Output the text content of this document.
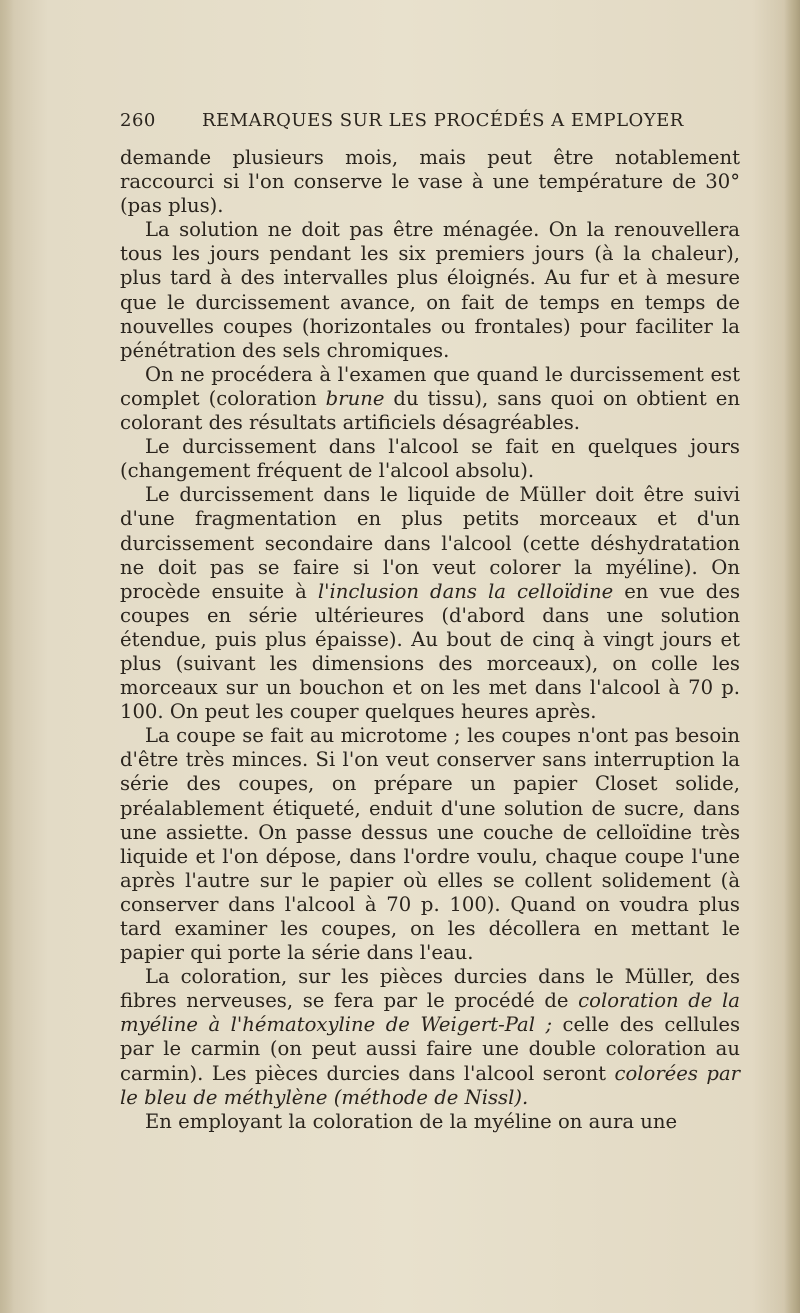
260	REMARQUES SUR LES PROCÉDÉS A EMPLOYER

demande plusieurs mois, mais peut être notablement raccourci si l'on conserve le vase à une température de 30° (pas plus).

La solution ne doit pas être ménagée. On la renouvellera tous les jours pendant les six premiers jours (à la chaleur), plus tard à des intervalles plus éloignés. Au fur et à mesure que le durcissement avance, on fait de temps en temps de nouvelles coupes (horizontales ou frontales) pour faciliter la pénétration des sels chromiques.

On ne procédera à l'examen que quand le durcissement est complet (coloration brune du tissu), sans quoi on obtient en colorant des résultats artificiels désagréables.

Le durcissement dans l'alcool se fait en quelques jours (changement fréquent de l'alcool absolu).

Le durcissement dans le liquide de Müller doit être suivi d'une fragmentation en plus petits morceaux et d'un durcissement secondaire dans l'alcool (cette déshydratation ne doit pas se faire si l'on veut colorer la myéline). On procède ensuite à l'inclusion dans la celloïdine en vue des coupes en série ultérieures (d'abord dans une solution étendue, puis plus épaisse). Au bout de cinq à vingt jours et plus (suivant les dimensions des morceaux), on colle les morceaux sur un bouchon et on les met dans l'alcool à 70 p. 100. On peut les couper quelques heures après.

La coupe se fait au microtome ; les coupes n'ont pas besoin d'être très minces. Si l'on veut conserver sans interruption la série des coupes, on prépare un papier Closet solide, préalablement étiqueté, enduit d'une solution de sucre, dans une assiette. On passe dessus une couche de celloïdine très liquide et l'on dépose, dans l'ordre voulu, chaque coupe l'une après l'autre sur le papier où elles se collent solidement (à conserver dans l'alcool à 70 p. 100). Quand on voudra plus tard examiner les coupes, on les décollera en mettant le papier qui porte la série dans l'eau.

La coloration, sur les pièces durcies dans le Müller, des fibres nerveuses, se fera par le procédé de coloration de la myéline à l'hématoxyline de Weigert-Pal ; celle des cellules par le carmin (on peut aussi faire une double coloration au carmin). Les pièces durcies dans l'alcool seront colorées par le bleu de méthylène (méthode de Nissl).

En employant la coloration de la myéline on aura une
